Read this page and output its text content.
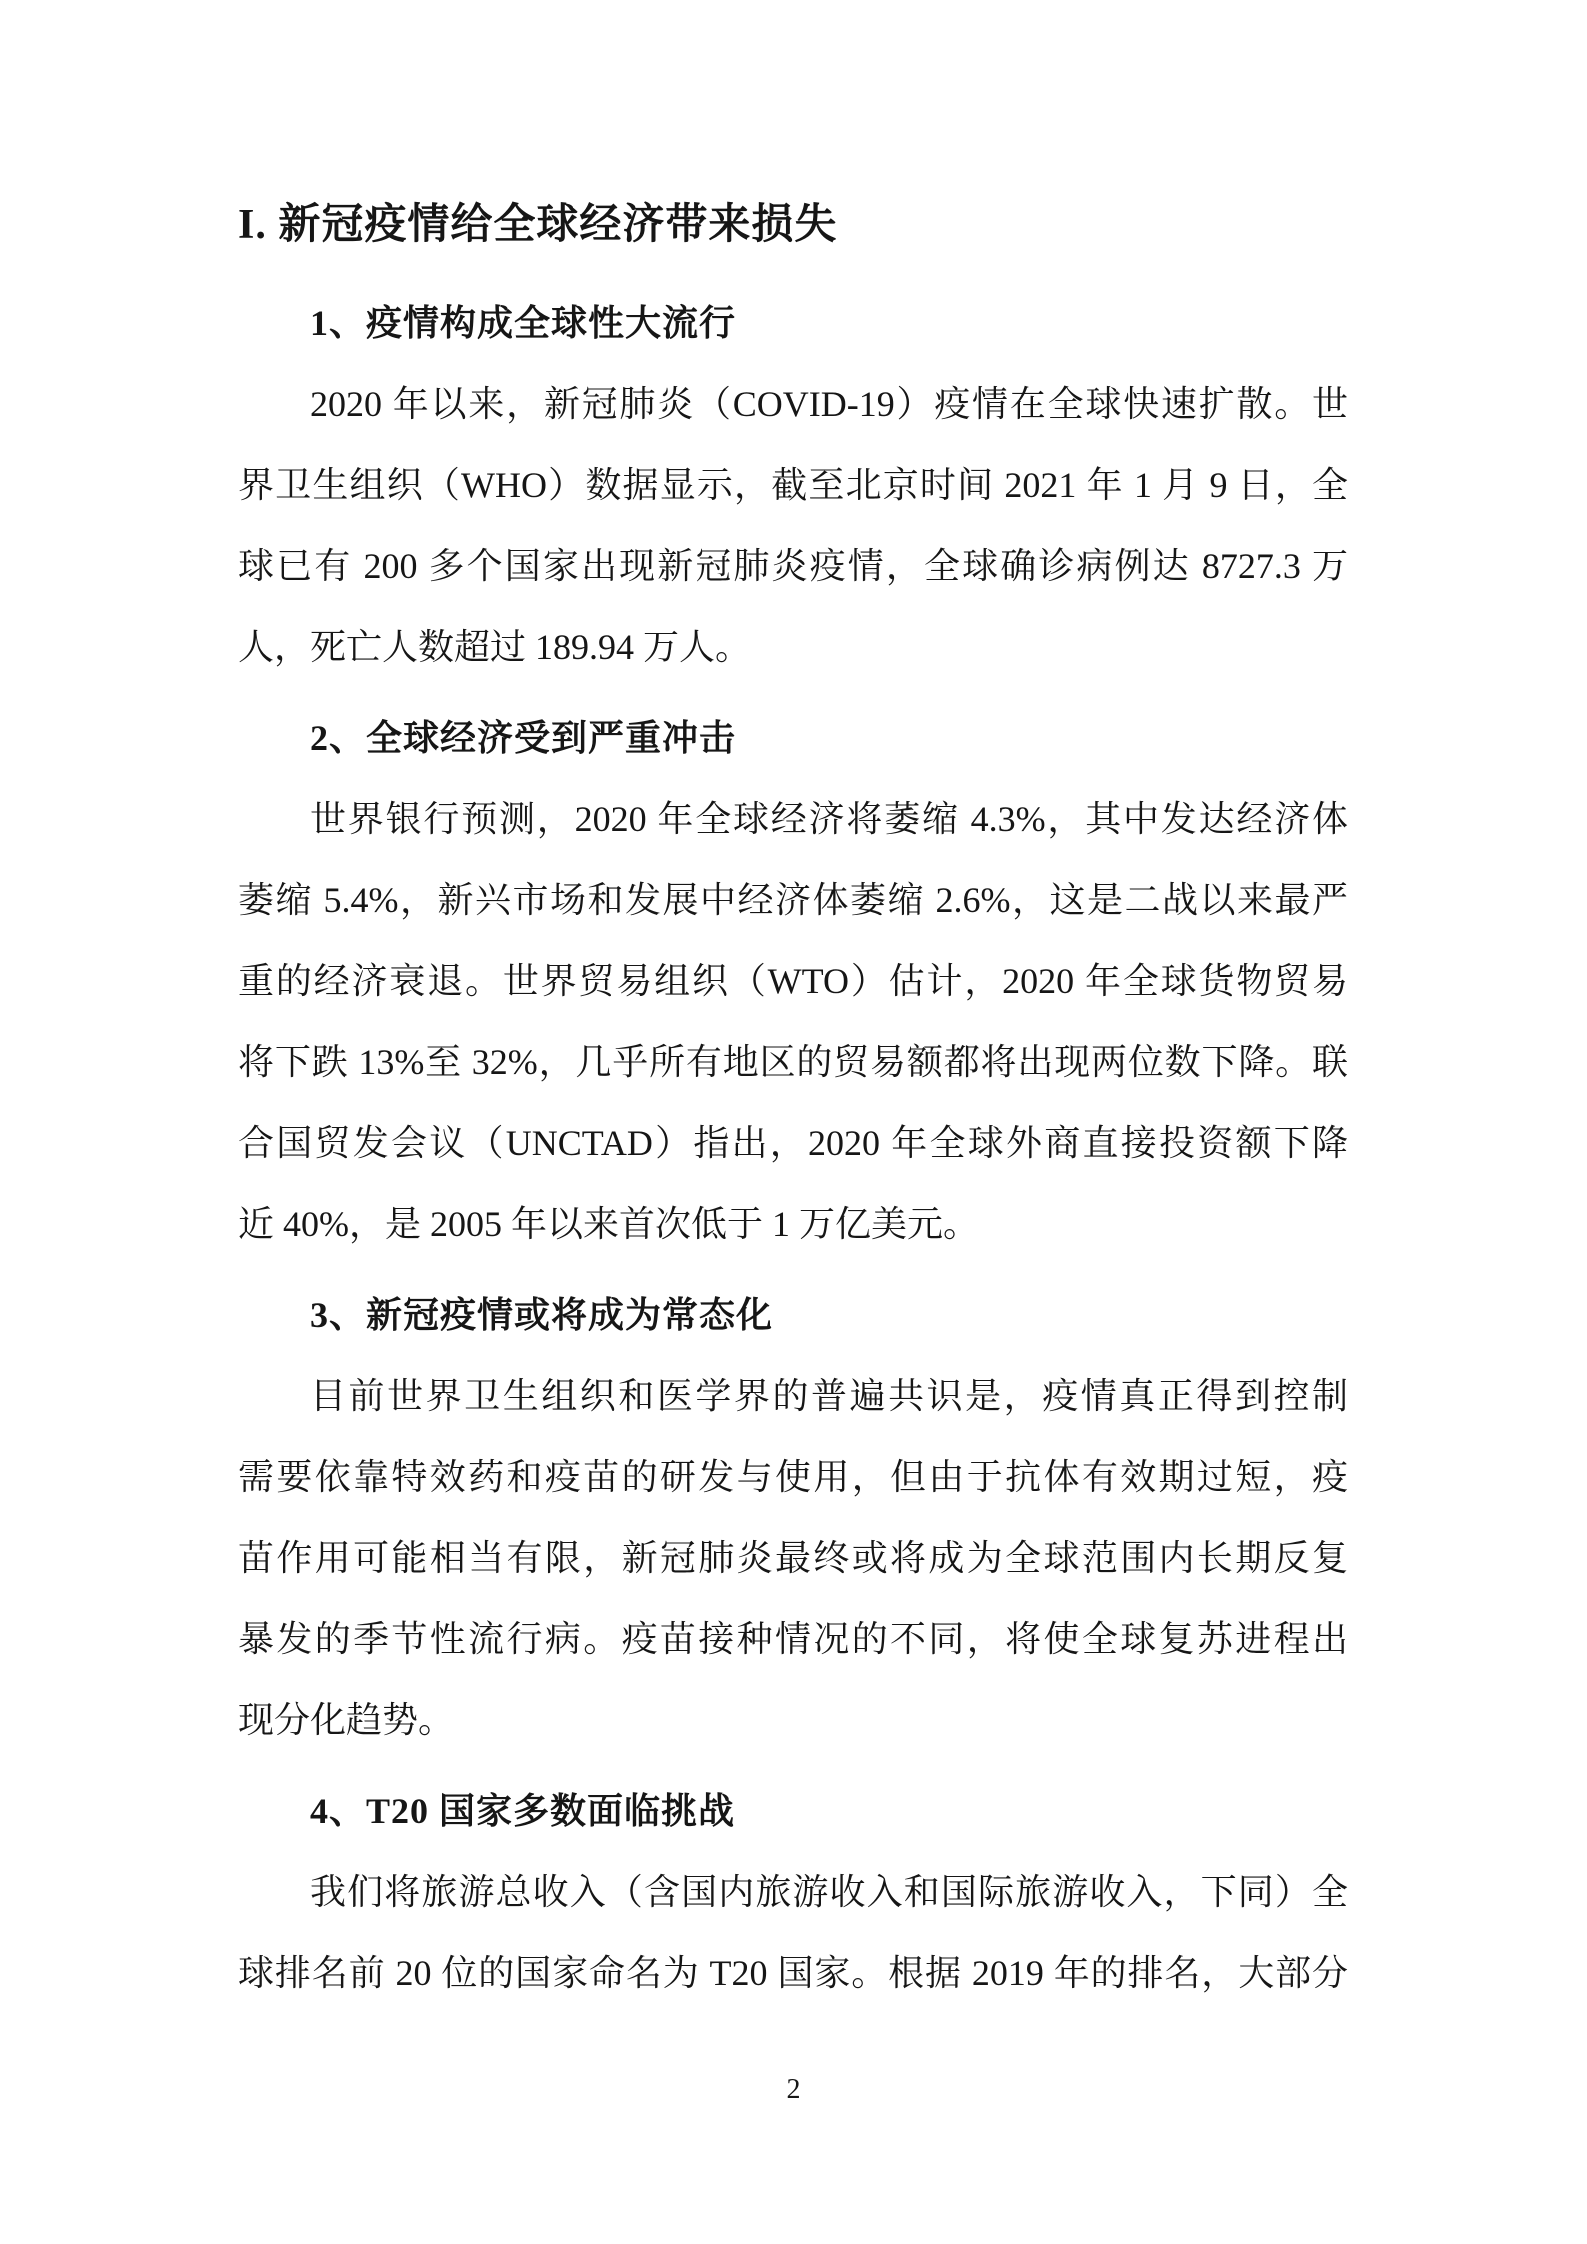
I. 新冠疫情给全球经济带来损失
1、疫情构成全球性大流行
2020 年以来，新冠肺炎（COVID-19）疫情在全球快速扩散。世
界卫生组织（WHO）数据显示，截至北京时间 2021 年 1 月 9 日，全
球已有 200 多个国家出现新冠肺炎疫情，全球确诊病例达 8727.3 万
人，死亡人数超过 189.94 万人。
2、全球经济受到严重冲击
世界银行预测，2020 年全球经济将萎缩 4.3%，其中发达经济体
萎缩 5.4%，新兴市场和发展中经济体萎缩 2.6%，这是二战以来最严
重的经济衰退。世界贸易组织（WTO）估计，2020 年全球货物贸易
将下跌 13%至 32%，几乎所有地区的贸易额都将出现两位数下降。联
合国贸发会议（UNCTAD）指出，2020 年全球外商直接投资额下降
近 40%，是 2005 年以来首次低于 1 万亿美元。
3、新冠疫情或将成为常态化
目前世界卫生组织和医学界的普遍共识是，疫情真正得到控制
需要依靠特效药和疫苗的研发与使用，但由于抗体有效期过短，疫
苗作用可能相当有限，新冠肺炎最终或将成为全球范围内长期反复
暴发的季节性流行病。疫苗接种情况的不同，将使全球复苏进程出
现分化趋势。
4、T20 国家多数面临挑战
我们将旅游总收入（含国内旅游收入和国际旅游收入，下同）全
球排名前 20 位的国家命名为 T20 国家。根据 2019 年的排名，大部分
2
